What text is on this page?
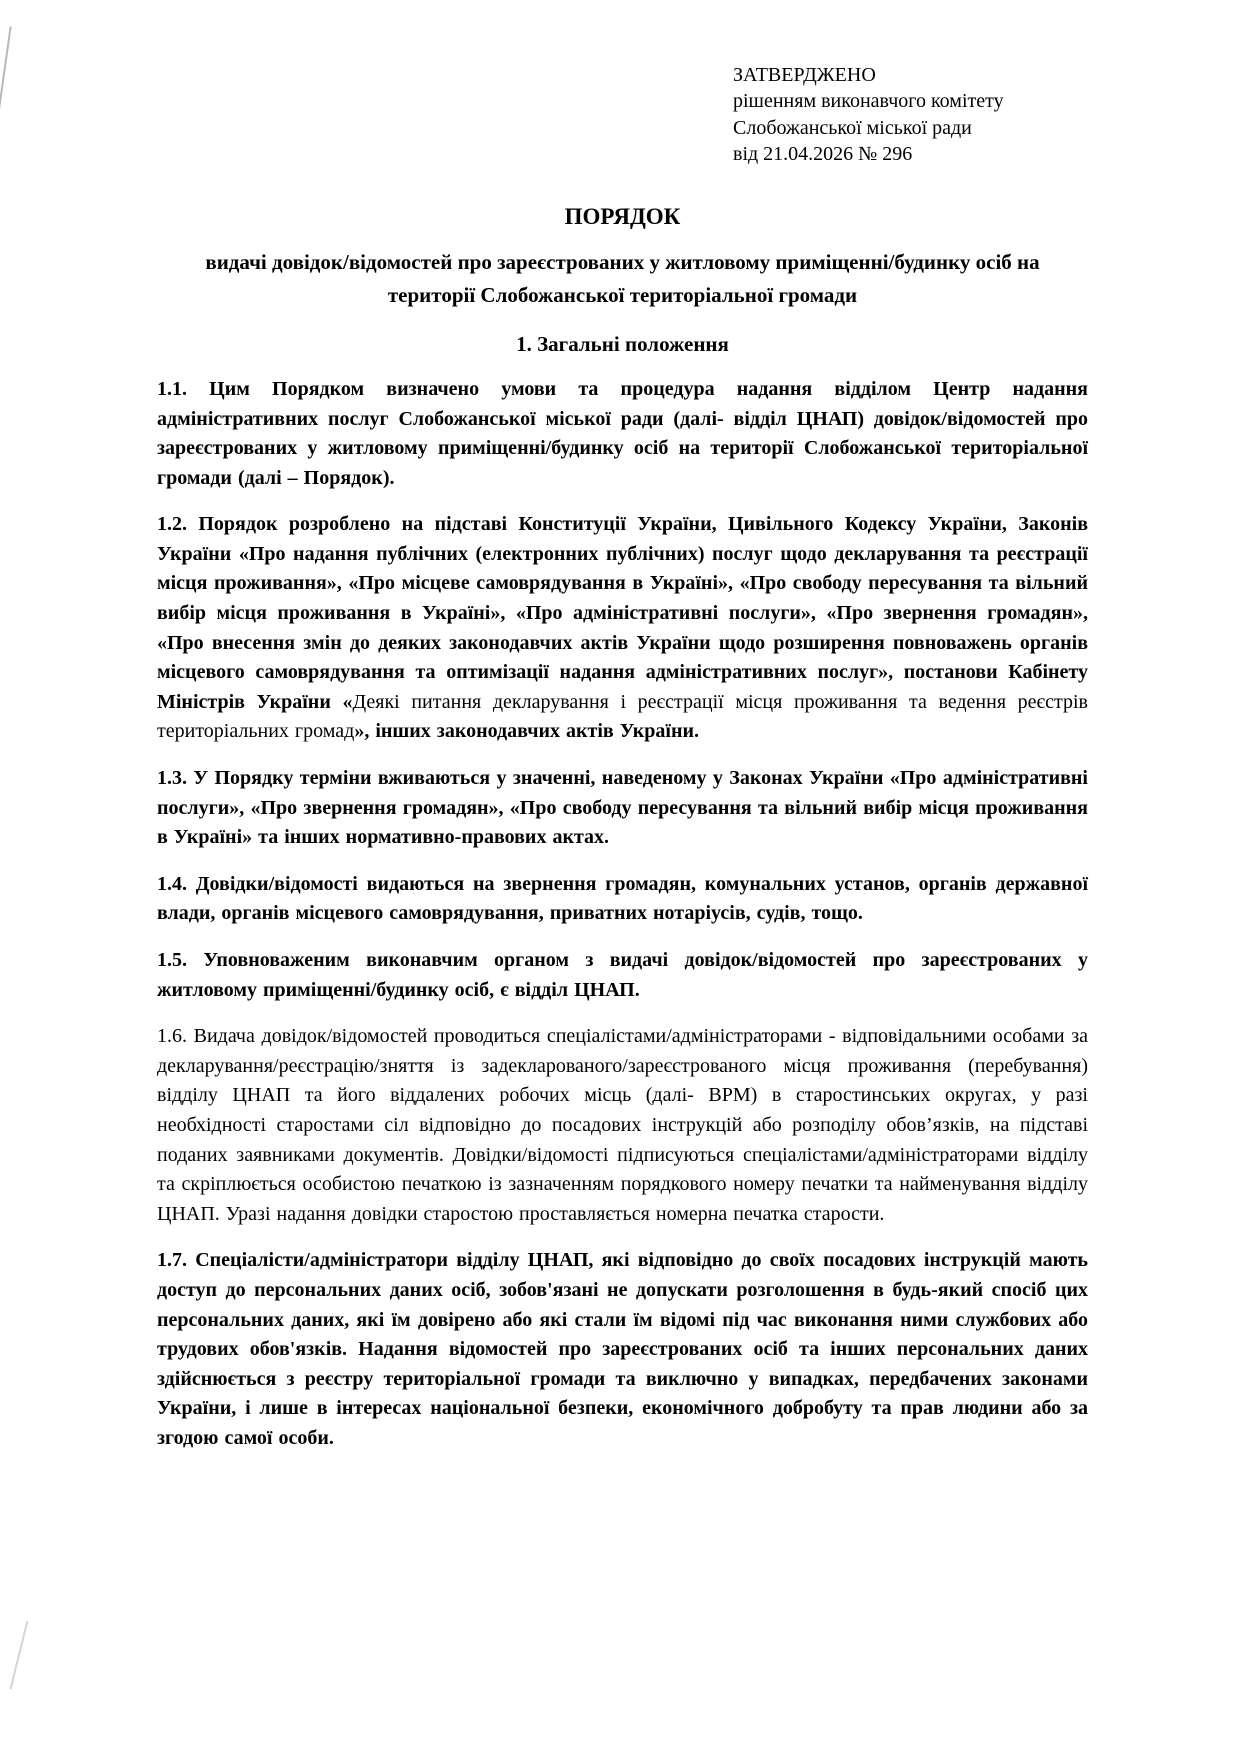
ЗАТВЕРДЖЕНО
рішенням виконавчого комітету
Слобожанської міської ради
від 21.04.2026 № 296
ПОРЯДОК
видачі довідок/відомостей про зареєстрованих у житловому приміщенні/будинку осіб на території Слобожанської територіальної громади
1. Загальні положення

1.1. Цим Порядком визначено умови та процедура надання відділом Центр надання адміністративних послуг Слобожанської міської ради (далі- відділ ЦНАП) довідок/відомостей про зареєстрованих у житловому приміщенні/будинку осіб на території Слобожанської територіальної громади (далі – Порядок).

1.2. Порядок розроблено на підставі Конституції України, Цивільного Кодексу України, Законів України «Про надання публічних (електронних публічних) послуг щодо декларування та реєстрації місця проживання», «Про місцеве самоврядування в Україні», «Про свободу пересування та вільний вибір місця проживання в Україні», «Про адміністративні послуги», «Про звернення громадян», «Про внесення змін до деяких законодавчих актів України щодо розширення повноважень органів місцевого самоврядування та оптимізації надання адміністративних послуг», постанови Кабінету Міністрів України «Деякі питання декларування і реєстрації місця проживання та ведення реєстрів територіальних громад», інших законодавчих актів України.

1.3. У Порядку терміни вживаються у значенні, наведеному у Законах України «Про адміністративні послуги», «Про звернення громадян», «Про свободу пересування та вільний вибір місця проживання в Україні» та інших нормативно-правових актах.

1.4. Довідки/відомості видаються на звернення громадян, комунальних установ, органів державної влади, органів місцевого самоврядування, приватних нотаріусів, судів, тощо.

1.5. Уповноваженим виконавчим органом з видачі довідок/відомостей про зареєстрованих у житловому приміщенні/будинку осіб, є відділ ЦНАП.

1.6. Видача довідок/відомостей проводиться спеціалістами/адміністраторами - відповідальними особами за декларування/реєстрацію/зняття із задекларованого/зареєстрованого місця проживання (перебування) відділу ЦНАП та його віддалених робочих місць (далі- ВРМ) в старостинських округах, у разі необхідності старостами сіл відповідно до посадових інструкцій або розподілу обов’язків, на підставі поданих заявниками документів. Довідки/відомості підписуються спеціалістами/адміністраторами відділу та скріплюється особистою печаткою із зазначенням порядкового номеру печатки та найменування відділу ЦНАП. Уразі надання довідки старостою проставляється номерна печатка старости.

1.7. Спеціалісти/адміністратори відділу ЦНАП, які відповідно до своїх посадових інструкцій мають доступ до персональних даних осіб, зобов'язані не допускати розголошення в будь-який спосіб цих персональних даних, які їм довірено або які стали їм відомі під час виконання ними службових або трудових обов'язків. Надання відомостей про зареєстрованих осіб та інших персональних даних здійснюється з реєстру територіальної громади та виключно у випадках, передбачених законами України, і лише в інтересах національної безпеки, економічного добробуту та прав людини або за згодою самої особи.
